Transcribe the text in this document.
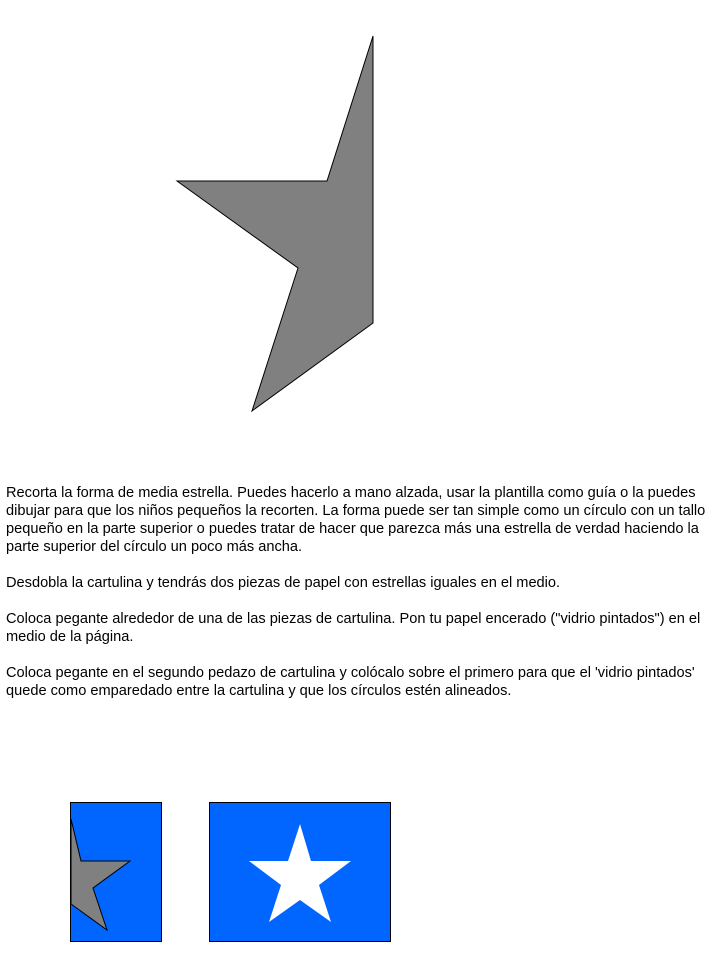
Recorta la forma de media estrella. Puedes hacerlo a mano alzada, usar la plantilla como guía o la puedes dibujar para que los niños pequeños la recorten. La forma puede ser tan simple como un círculo con un tallo pequeño en la parte superior o puedes tratar de hacer que parezca más una estrella de verdad haciendo la parte superior del círculo un poco más ancha.

Desdobla la cartulina y tendrás dos piezas de papel con estrellas iguales en el medio.

Coloca pegante alrededor de una de las piezas de cartulina. Pon tu papel encerado ("vidrio pintados") en el medio de la página.

Coloca pegante en el segundo pedazo de cartulina y colócalo sobre el primero para que el 'vidrio pintados' quede como emparedado entre la cartulina y que los círculos estén alineados.
